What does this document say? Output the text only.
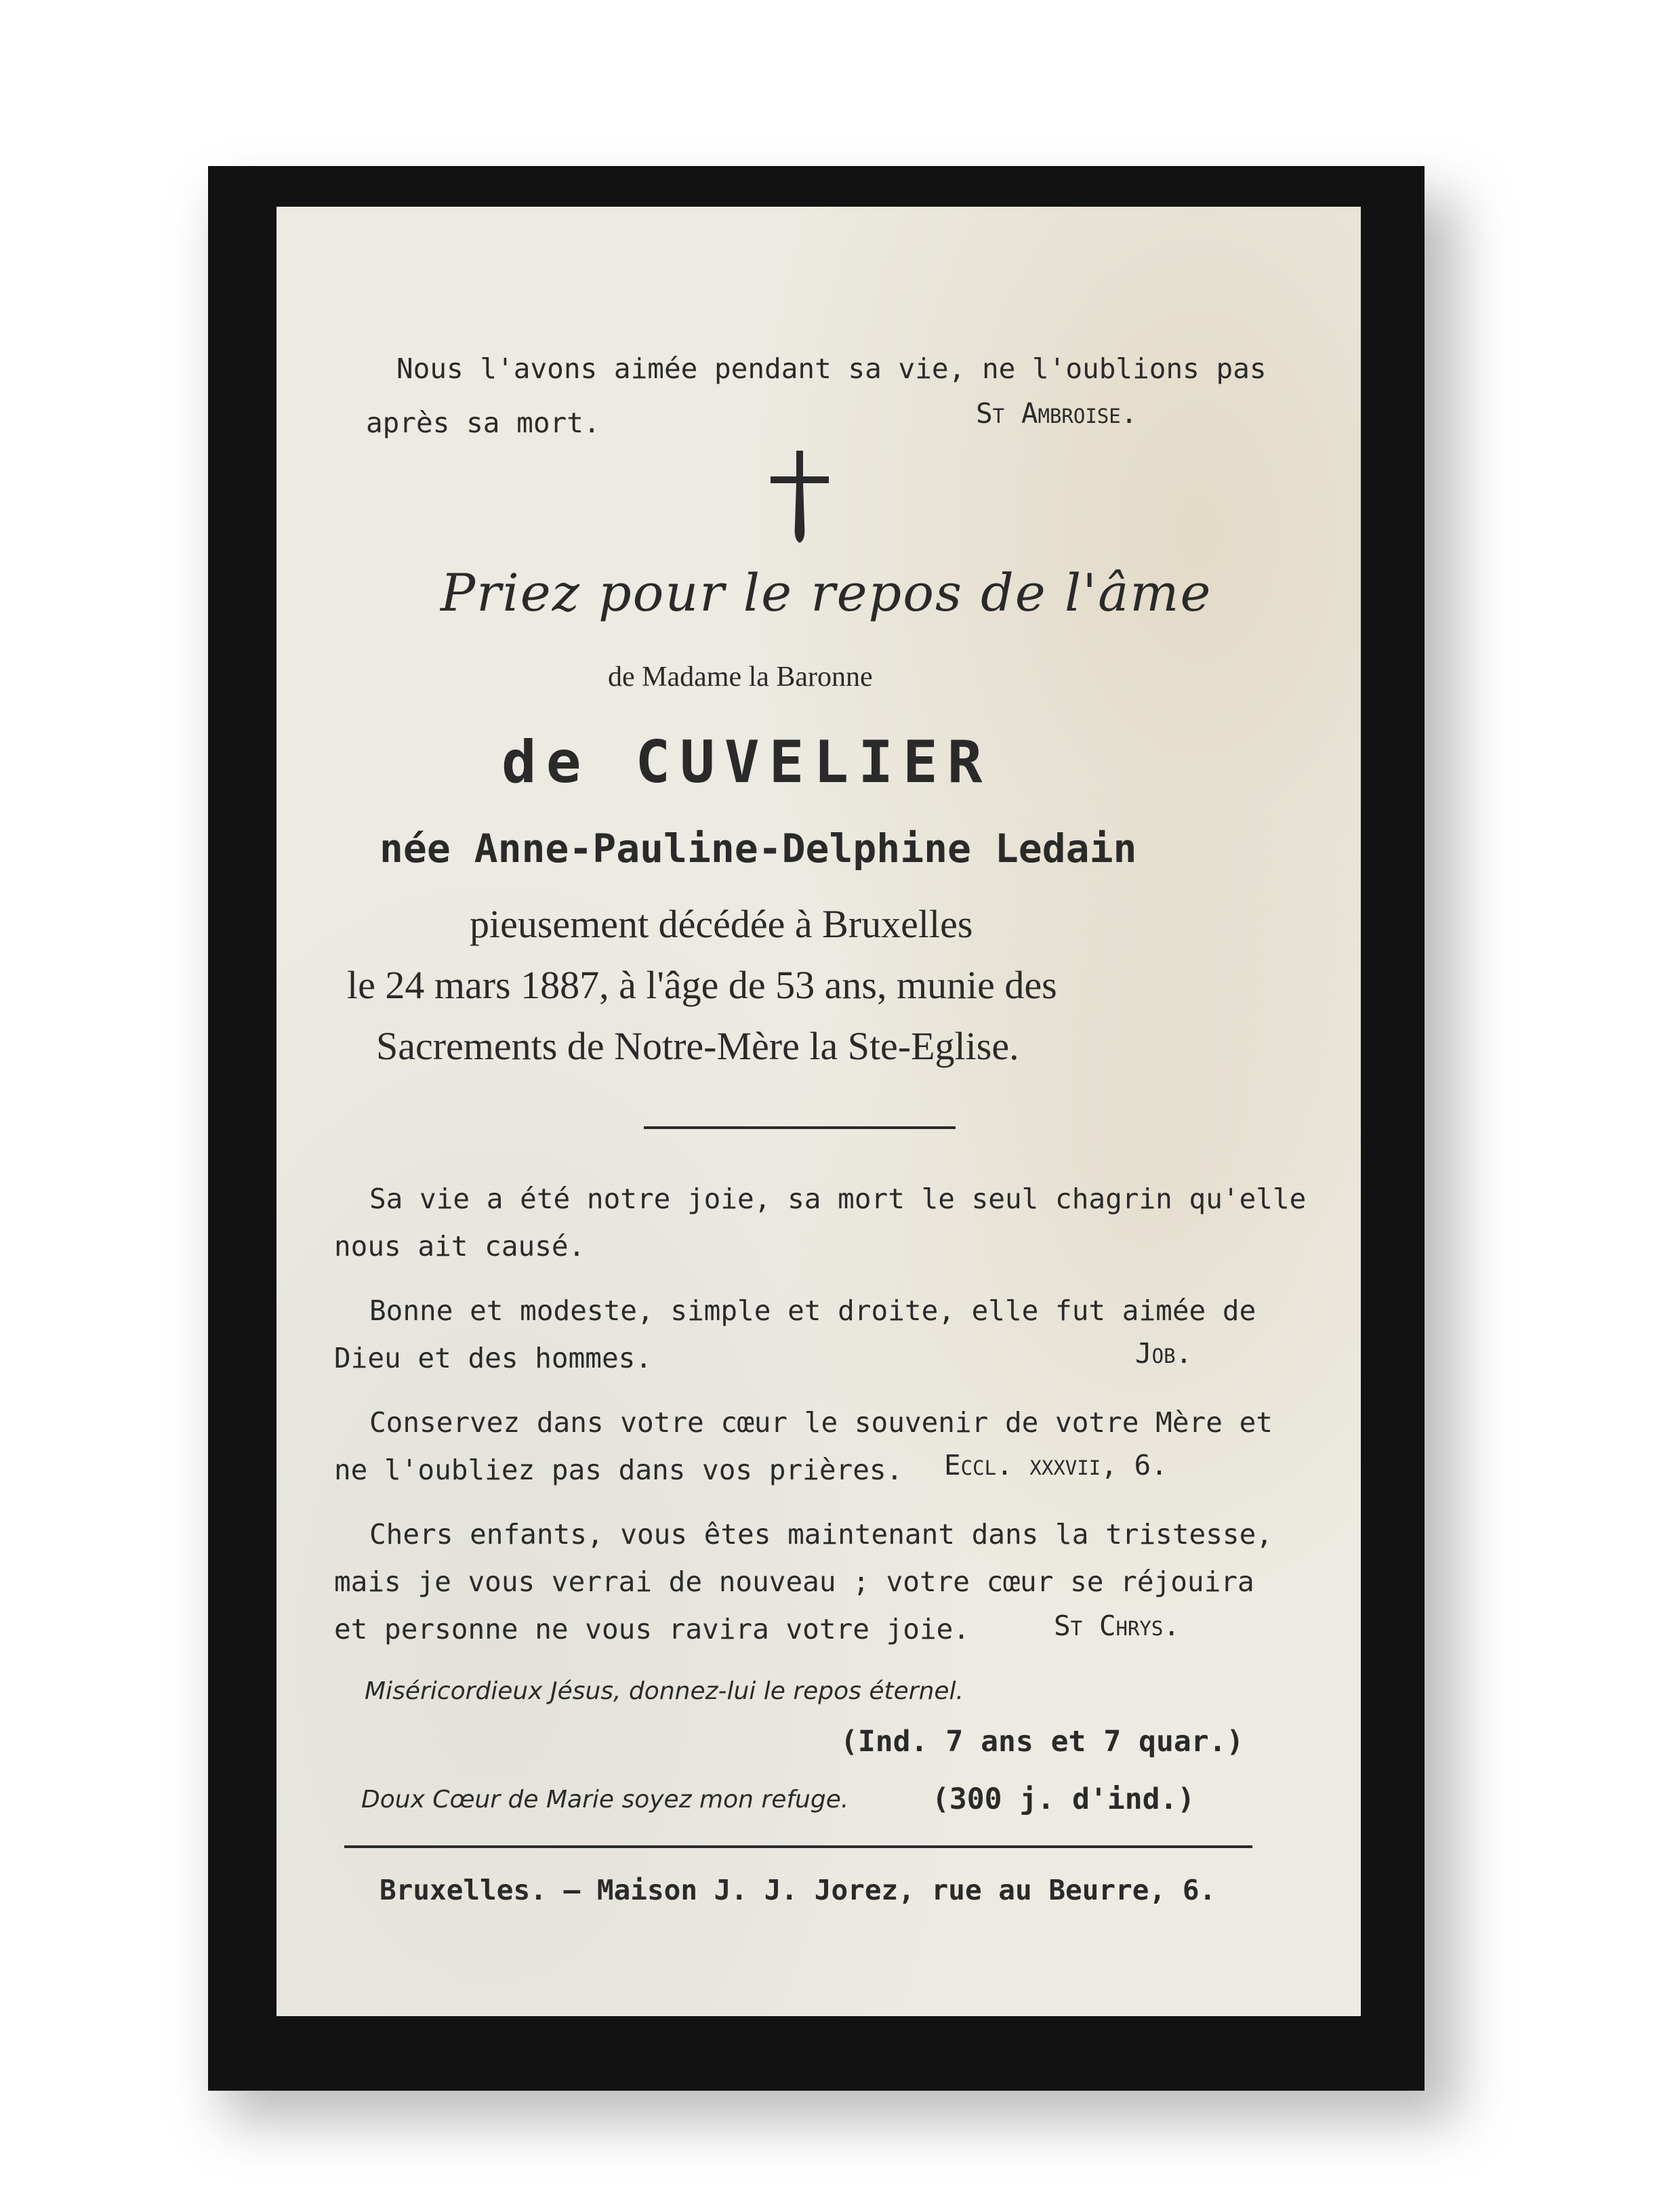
Nous l'avons aimée pendant sa vie, ne l'oublions pas
après sa mort.	St Ambroise.
Priez pour le repos de l'âme
de Madame la Baronne
de CUVELIER
née Anne-Pauline-Delphine Ledain
pieusement décédée à Bruxelles
le 24 mars 1887, à l'âge de 53 ans, munie des
Sacrements de Notre-Mère la Ste-Eglise.
Sa vie a été notre joie, sa mort le seul chagrin qu'elle
nous ait causé.
Bonne et modeste, simple et droite, elle fut aimée de
Dieu et des hommes.	Job.
Conservez dans votre cœur le souvenir de votre Mère et
ne l'oubliez pas dans vos prières. Eccl. xxxvii, 6.
Chers enfants, vous êtes maintenant dans la tristesse,
mais je vous verrai de nouveau ; votre cœur se réjouira
et personne ne vous ravira votre joie.	St Chrys.
Miséricordieux Jésus, donnez-lui le repos éternel.
(Ind. 7 ans et 7 quar.)
Doux Cœur de Marie soyez mon refuge.	(300 j. d'ind.)
Bruxelles. — Maison J. J. Jorez, rue au Beurre, 6.
